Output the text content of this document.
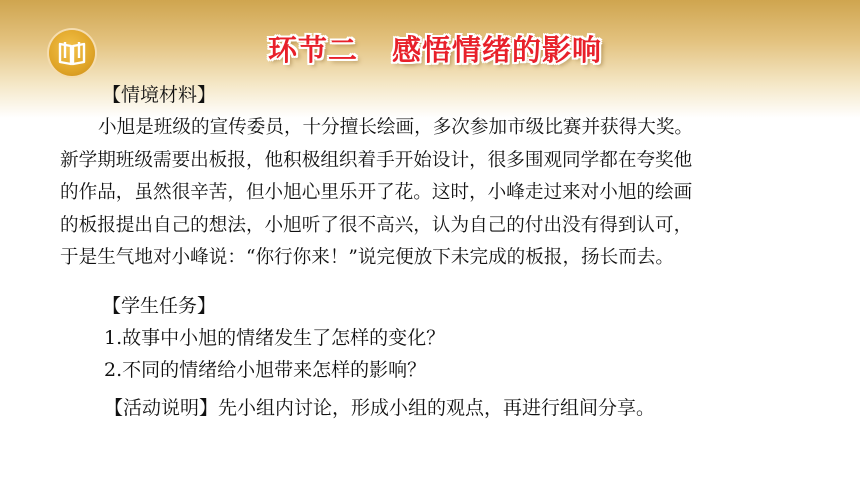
环节二 感悟情绪的影响
【情境材料】
小旭是班级的宣传委员，十分擅长绘画，多次参加市级比赛并获得大奖。
新学期班级需要出板报，他积极组织着手开始设计，很多围观同学都在夸奖他
的作品，虽然很辛苦，但小旭心里乐开了花。这时，小峰走过来对小旭的绘画
的板报提出自己的想法，小旭听了很不高兴，认为自己的付出没有得到认可，
于是生气地对小峰说：“你行你来！”说完便放下未完成的板报，扬长而去。
【学生任务】
1.故事中小旭的情绪发生了怎样的变化？
2.不同的情绪给小旭带来怎样的影响？
【活动说明】先小组内讨论，形成小组的观点，再进行组间分享。
